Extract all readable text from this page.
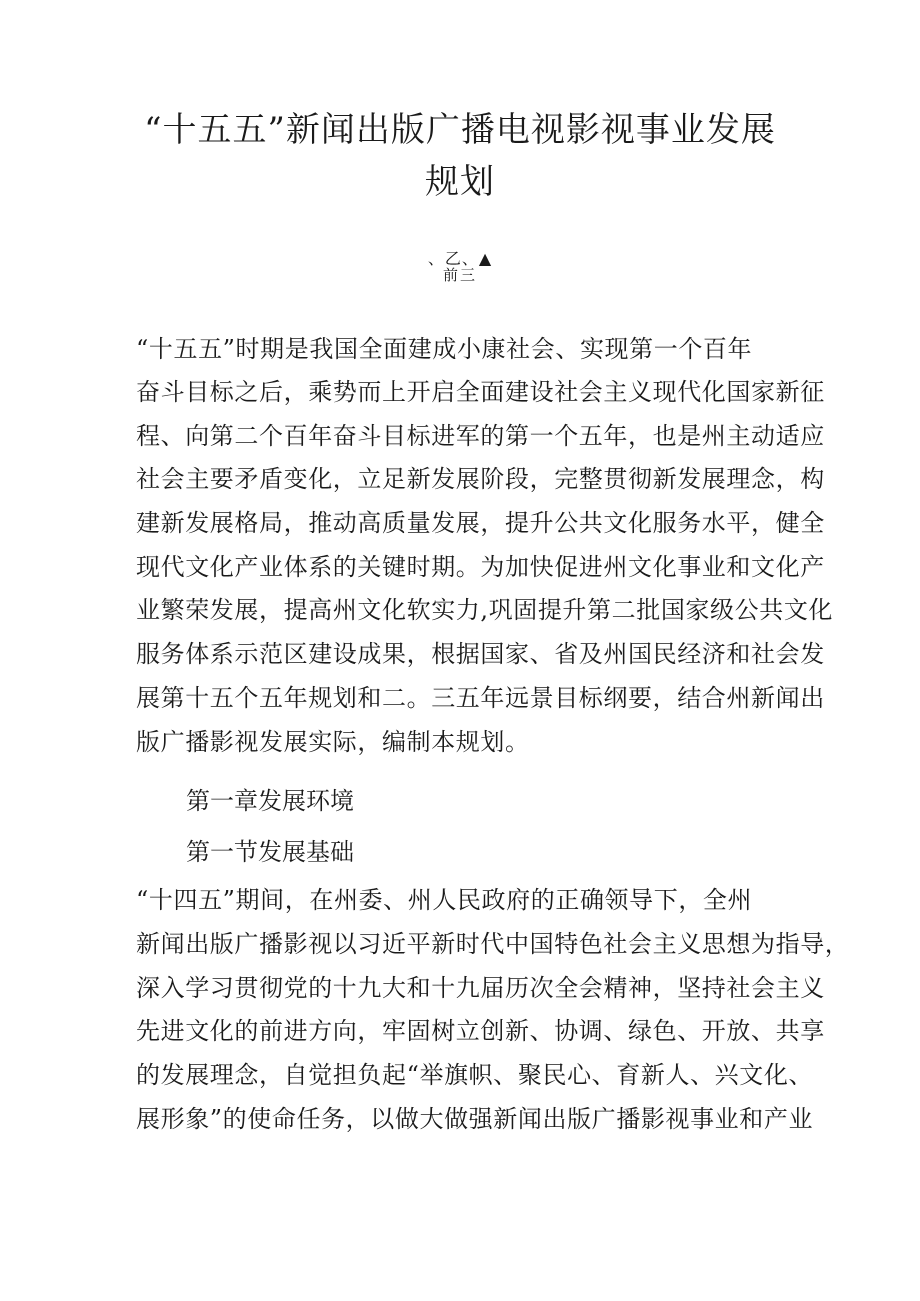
“十五五”新闻出版广播电视影视事业发展
规划
、乙、▲
前三
“十五五”时期是我国全面建成小康社会、实现第一个百年
奋斗目标之后，乘势而上开启全面建设社会主义现代化国家新征
程、向第二个百年奋斗目标进军的第一个五年，也是州主动适应
社会主要矛盾变化，立足新发展阶段，完整贯彻新发展理念，构
建新发展格局，推动高质量发展，提升公共文化服务水平，健全
现代文化产业体系的关键时期。为加快促进州文化事业和文化产
业繁荣发展，提高州文化软实力,巩固提升第二批国家级公共文化
服务体系示范区建设成果，根据国家、省及州国民经济和社会发
展第十五个五年规划和二。三五年远景目标纲要，结合州新闻出
版广播影视发展实际，编制本规划。
第一章发展环境
第一节发展基础
“十四五”期间，在州委、州人民政府的正确领导下，全州
新闻出版广播影视以习近平新时代中国特色社会主义思想为指导，
深入学习贯彻党的十九大和十九届历次全会精神，坚持社会主义
先进文化的前进方向，牢固树立创新、协调、绿色、开放、共享
的发展理念，自觉担负起“举旗帜、聚民心、育新人、兴文化、
展形象”的使命任务，以做大做强新闻出版广播影视事业和产业
